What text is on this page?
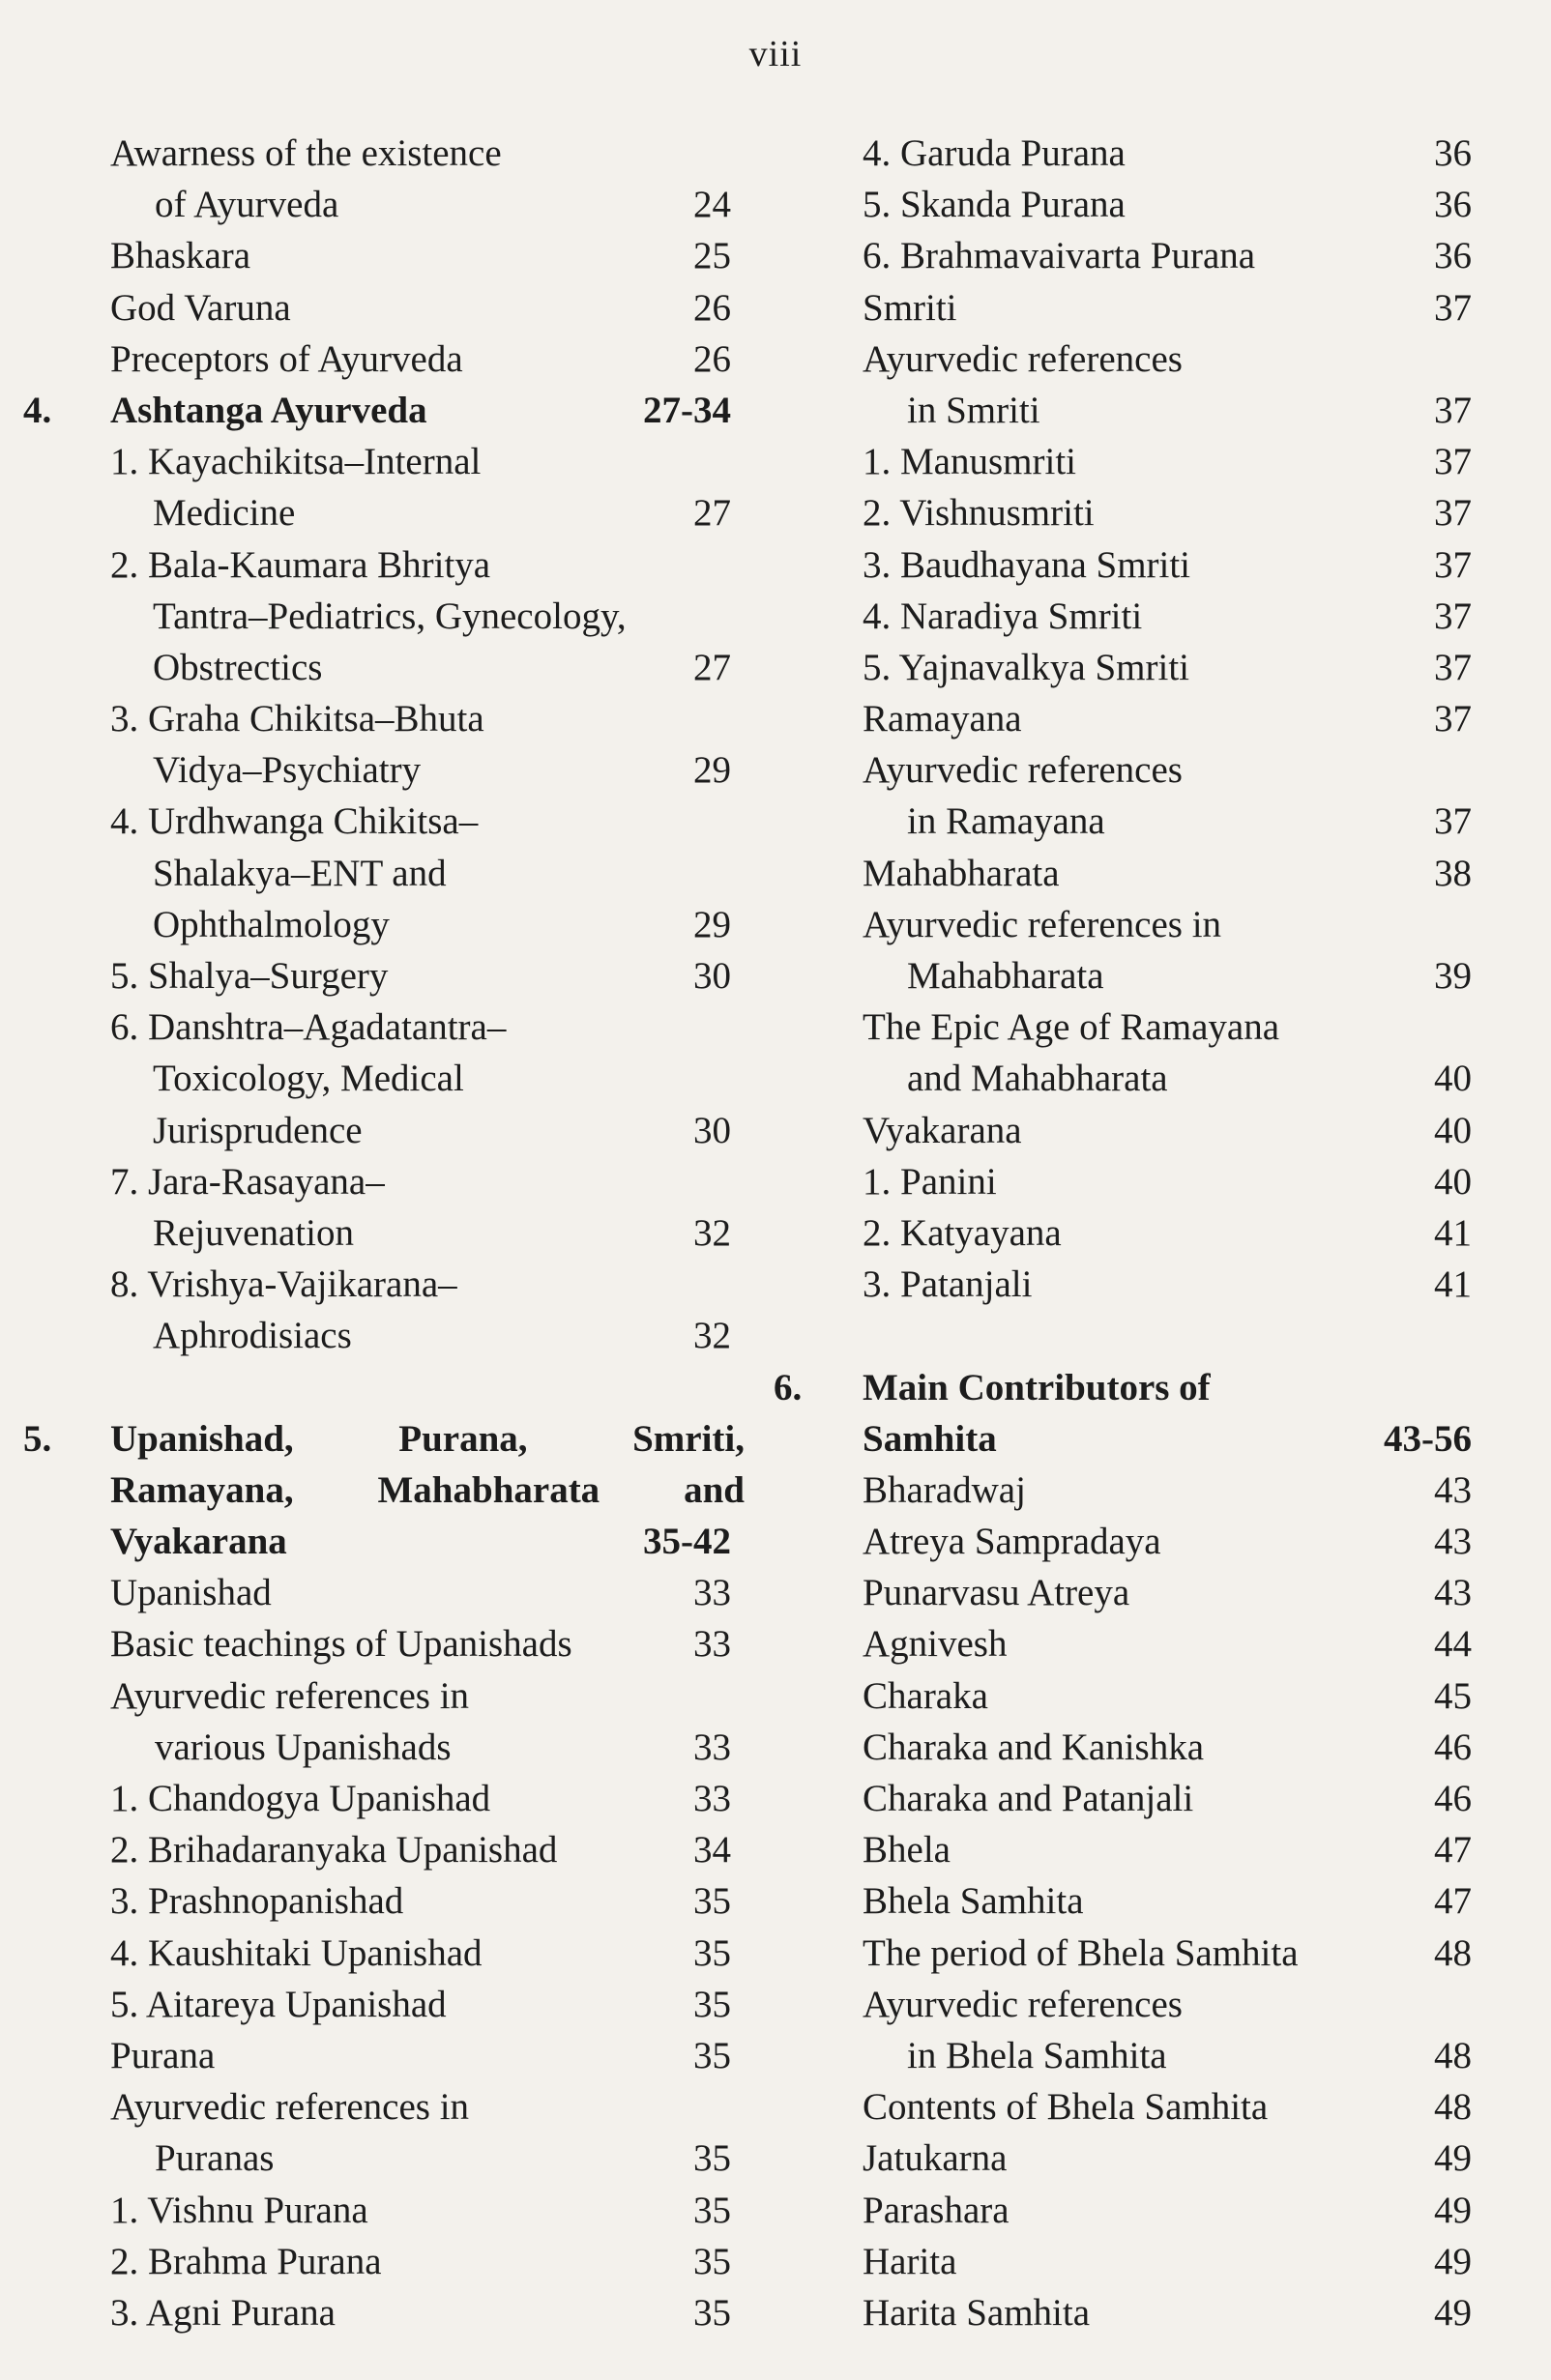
viii
Awarness of the existence
of Ayurveda	24
Bhaskara	25
God Varuna	26
Preceptors of Ayurveda	26
4. Ashtanga Ayurveda	27-34
1. Kayachikitsa–Internal
Medicine	27
2. Bala-Kaumara Bhritya
Tantra–Pediatrics, Gynecology,
Obstrectics	27
3. Graha Chikitsa–Bhuta
Vidya–Psychiatry	29
4. Urdhwanga Chikitsa–
Shalakya–ENT and
Ophthalmology	29
5. Shalya–Surgery	30
6. Danshtra–Agadatantra–
Toxicology, Medical
Jurisprudence	30
7. Jara-Rasayana–
Rejuvenation	32
8. Vrishya-Vajikarana–
Aphrodisiacs	32
5. Upanishad,	Purana,	Smriti,
Ramayana, Mahabharata and
Vyakarana	35-42
Upanishad	33
Basic teachings of Upanishads	33
Ayurvedic references in
various Upanishads	33
1. Chandogya Upanishad	33
2. Brihadaranyaka Upanishad	34
3. Prashnopanishad	35
4. Kaushitaki Upanishad	35
5. Aitareya Upanishad	35
Purana	35
Ayurvedic references in
Puranas	35
1. Vishnu Purana	35
2. Brahma Purana	35
3. Agni Purana	35
4. Garuda Purana	36
5. Skanda Purana	36
6. Brahmavaivarta Purana	36
Smriti	37
Ayurvedic references
in Smriti	37
1. Manusmriti	37
2. Vishnusmriti	37
3. Baudhayana Smriti	37
4. Naradiya Smriti	37
5. Yajnavalkya Smriti	37
Ramayana	37
Ayurvedic references
in Ramayana	37
Mahabharata	38
Ayurvedic references in
Mahabharata	39
The Epic Age of Ramayana
and Mahabharata	40
Vyakarana	40
1. Panini	40
2. Katyayana	41
3. Patanjali	41
6. Main Contributors of
Samhita	43-56
Bharadwaj	43
Atreya Sampradaya	43
Punarvasu Atreya	43
Agnivesh	44
Charaka	45
Charaka and Kanishka	46
Charaka and Patanjali	46
Bhela	47
Bhela Samhita	47
The period of Bhela Samhita	48
Ayurvedic references
in Bhela Samhita	48
Contents of Bhela Samhita	48
Jatukarna	49
Parashara	49
Harita	49
Harita Samhita	49
